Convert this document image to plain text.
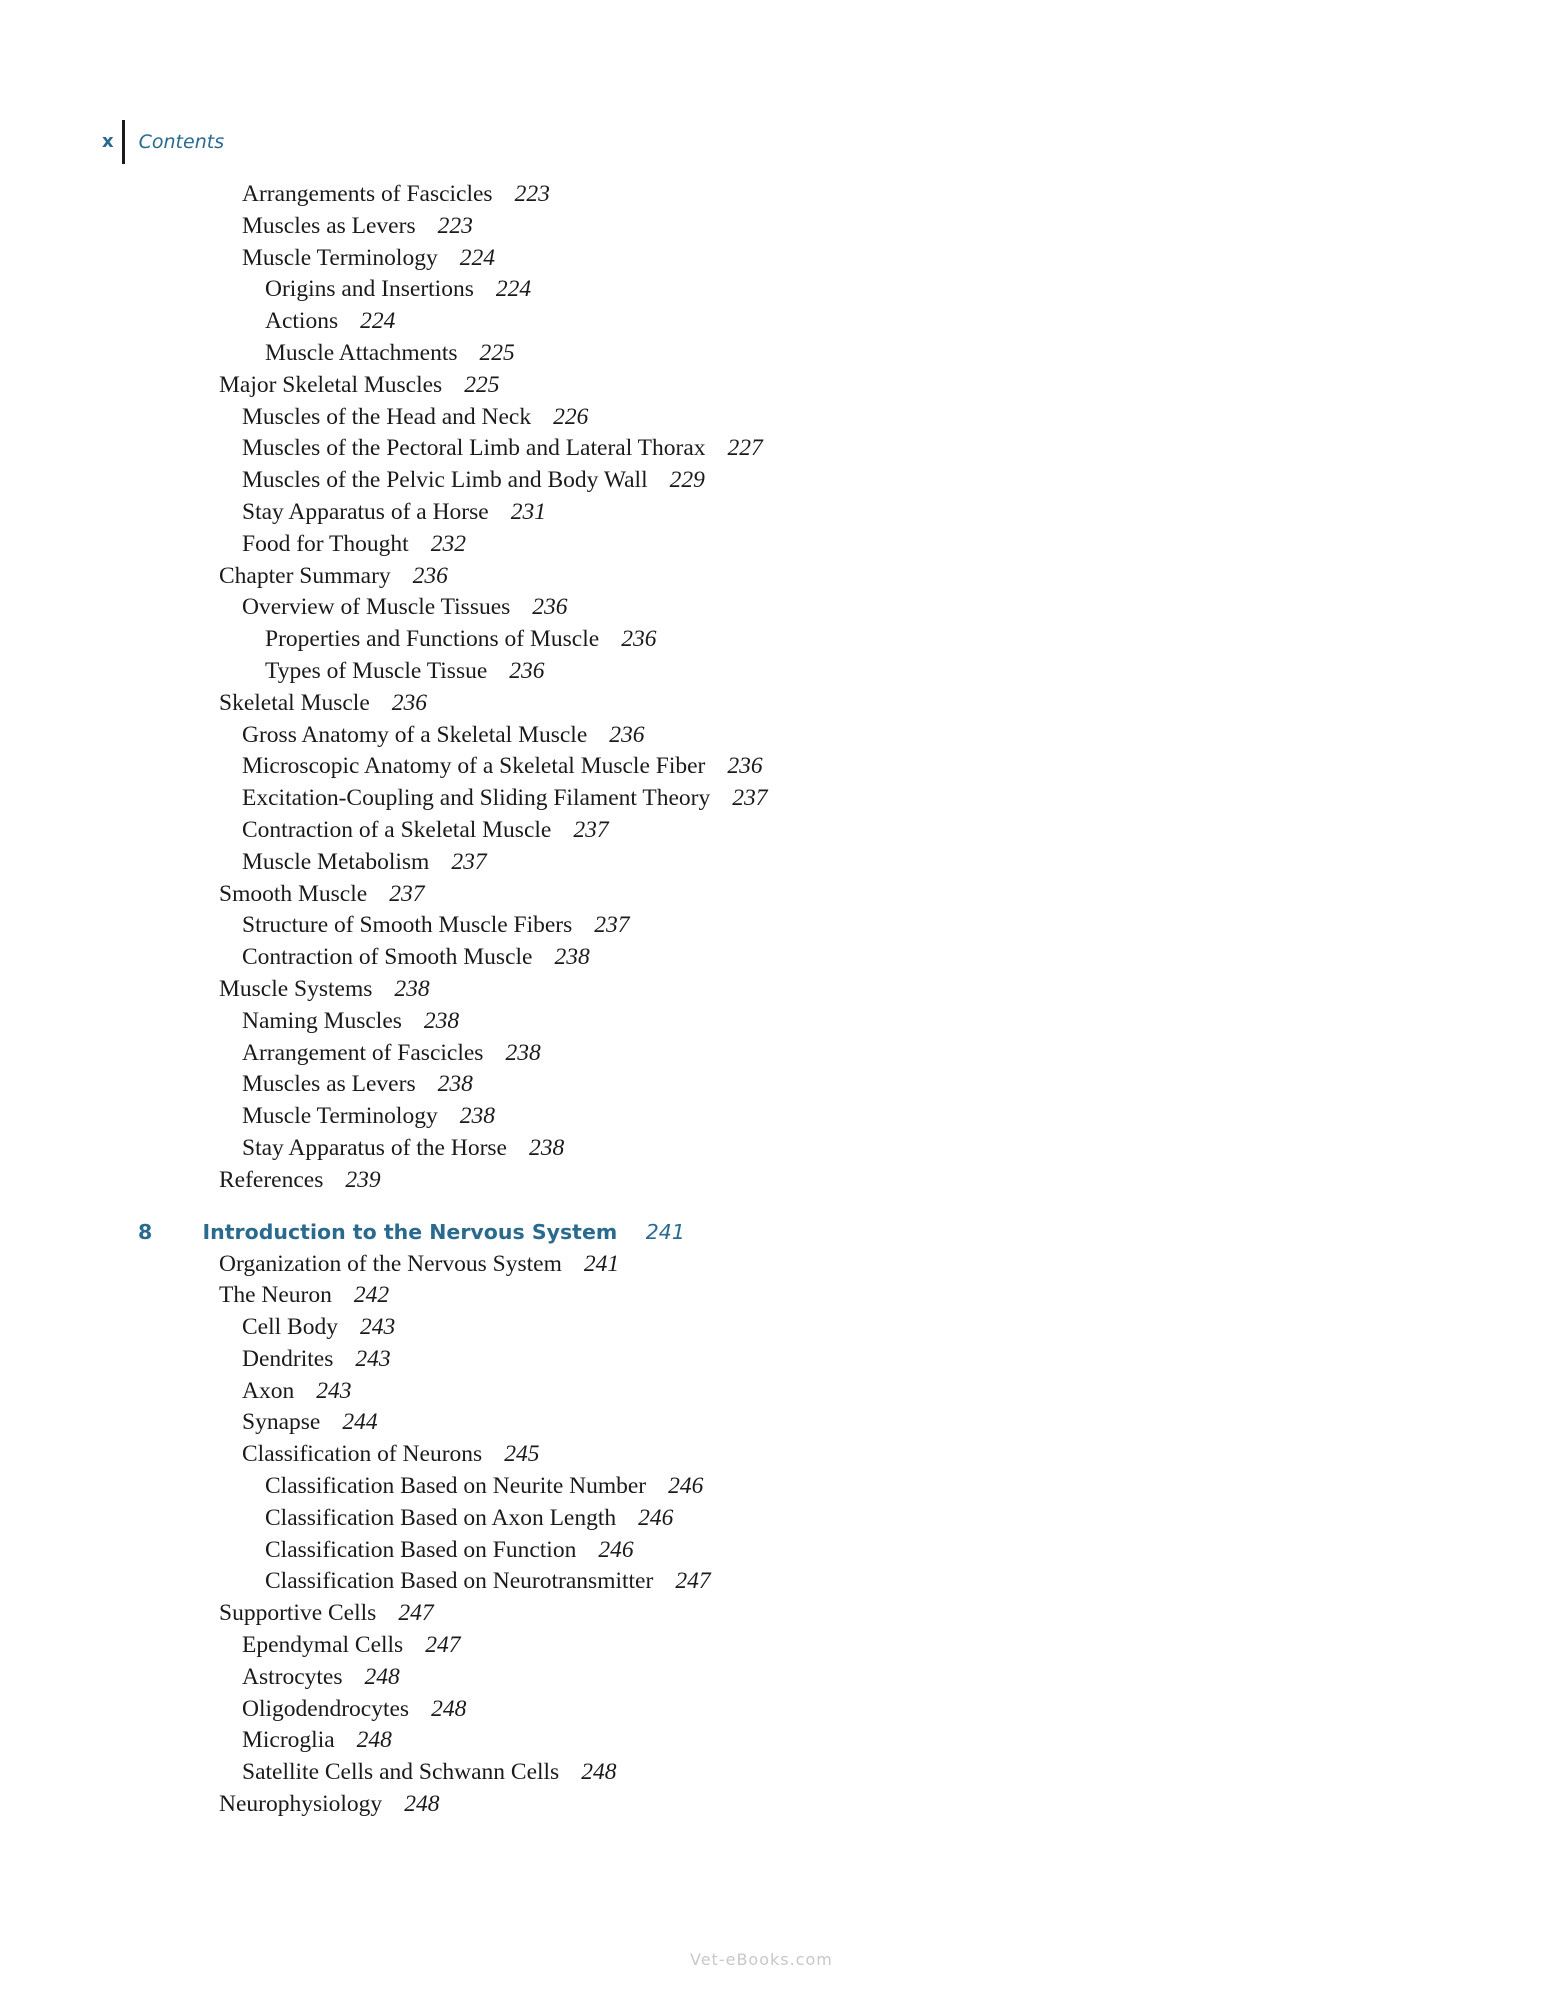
x Contents
Arrangements of Fascicles 223
Muscles as Levers 223
Muscle Terminology 224
Origins and Insertions 224
Actions 224
Muscle Attachments 225
Major Skeletal Muscles 225
Muscles of the Head and Neck 226
Muscles of the Pectoral Limb and Lateral Thorax 227
Muscles of the Pelvic Limb and Body Wall 229
Stay Apparatus of a Horse 231
Food for Thought 232
Chapter Summary 236
Overview of Muscle Tissues 236
Properties and Functions of Muscle 236
Types of Muscle Tissue 236
Skeletal Muscle 236
Gross Anatomy of a Skeletal Muscle 236
Microscopic Anatomy of a Skeletal Muscle Fiber 236
Excitation-Coupling and Sliding Filament Theory 237
Contraction of a Skeletal Muscle 237
Muscle Metabolism 237
Smooth Muscle 237
Structure of Smooth Muscle Fibers 237
Contraction of Smooth Muscle 238
Muscle Systems 238
Naming Muscles 238
Arrangement of Fascicles 238
Muscles as Levers 238
Muscle Terminology 238
Stay Apparatus of the Horse 238
References 239
8 Introduction to the Nervous System 241
Organization of the Nervous System 241
The Neuron 242
Cell Body 243
Dendrites 243
Axon 243
Synapse 244
Classification of Neurons 245
Classification Based on Neurite Number 246
Classification Based on Axon Length 246
Classification Based on Function 246
Classification Based on Neurotransmitter 247
Supportive Cells 247
Ependymal Cells 247
Astrocytes 248
Oligodendrocytes 248
Microglia 248
Satellite Cells and Schwann Cells 248
Neurophysiology 248
Vet-eBooks.com
